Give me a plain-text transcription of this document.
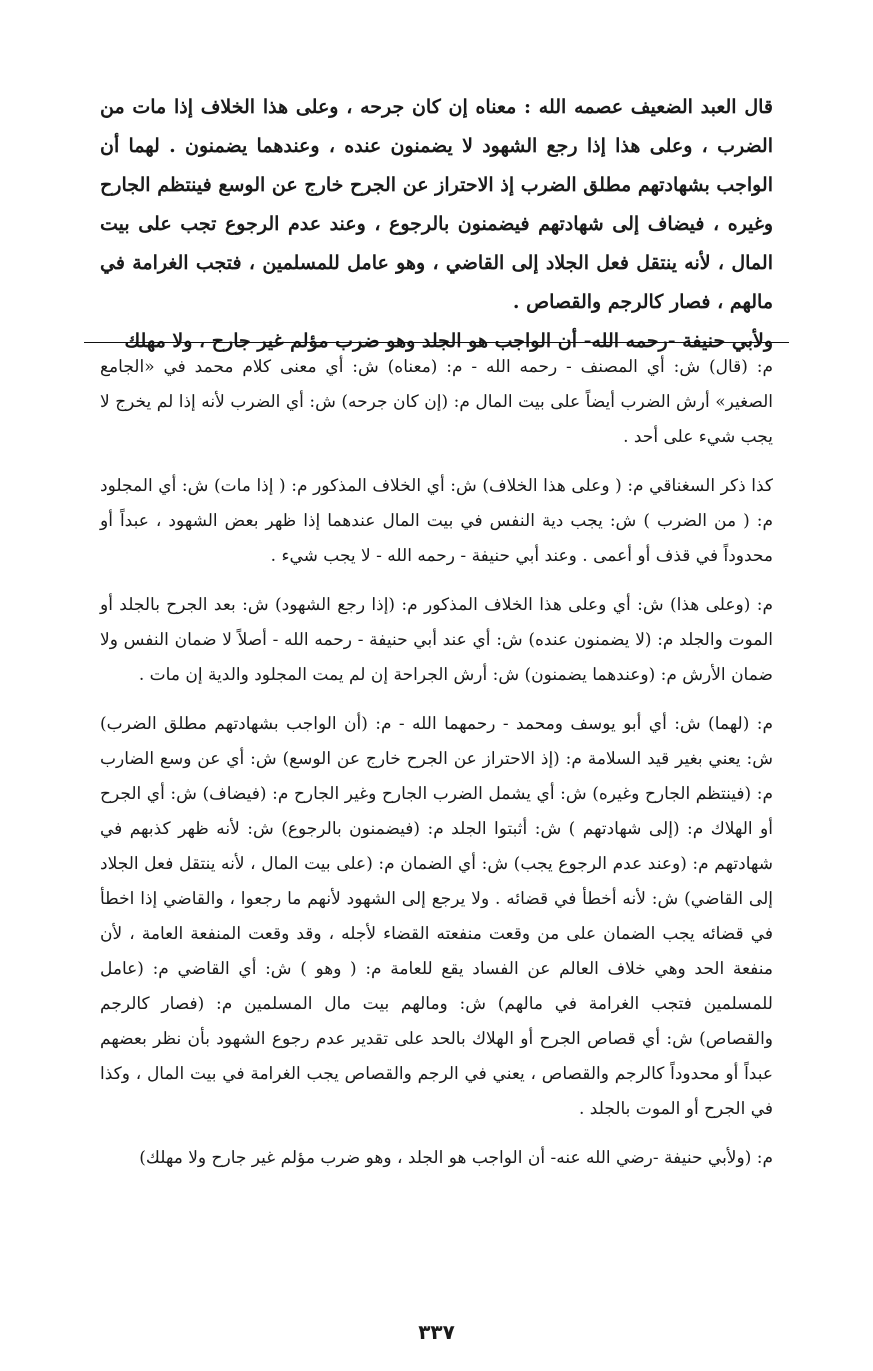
قال العبد الضعيف عصمه الله : معناه إن كان جرحه ، وعلى هذا الخلاف إذا مات من الضرب ، وعلى هذا إذا رجع الشهود لا يضمنون عنده ، وعندهما يضمنون . لهما أن الواجب بشهادتهم مطلق الضرب إذ الاحتراز عن الجرح خارج عن الوسع فينتظم الجارح وغيره ، فيضاف إلى شهادتهم فيضمنون بالرجوع ، وعند عدم الرجوع تجب على بيت المال ، لأنه ينتقل فعل الجلاد إلى القاضي ، وهو عامل للمسلمين ، فتجب الغرامة في مالهم ، فصار كالرجم والقصاص .

ولأبي حنيفة -رحمه الله- أن الواجب هو الجلد وهو ضرب مؤلم غير جارح ، ولا مهلك

م: (قال) ش: أي المصنف - رحمه الله - م: (معناه) ش: أي معنى كلام محمد في «الجامع الصغير» أرش الضرب أيضاً على بيت المال م: (إن كان جرحه) ش: أي الضرب لأنه إذا لم يخرج لا يجب شيء على أحد .

كذا ذكر السغناقي م: ( وعلى هذا الخلاف) ش: أي الخلاف المذكور م: ( إذا مات) ش: أي المجلود م: ( من الضرب ) ش: يجب دية النفس في بيت المال عندهما إذا ظهر بعض الشهود ، عبداً أو محدوداً في قذف أو أعمى . وعند أبي حنيفة - رحمه الله - لا يجب شيء .

م: (وعلى هذا) ش: أي وعلى هذا الخلاف المذكور م: (إذا رجع الشهود) ش: بعد الجرح بالجلد أو الموت والجلد م: (لا يضمنون عنده) ش: أي عند أبي حنيفة - رحمه الله - أصلاً لا ضمان النفس ولا ضمان الأرش م: (وعندهما يضمنون) ش: أرش الجراحة إن لم يمت المجلود والدية إن مات .

م: (لهما) ش: أي أبو يوسف ومحمد - رحمهما الله - م: (أن الواجب بشهادتهم مطلق الضرب) ش: يعني بغير قيد السلامة م: (إذ الاحتراز عن الجرح خارج عن الوسع) ش: أي عن وسع الضارب م: (فينتظم الجارح وغيره) ش: أي يشمل الضرب الجارح وغير الجارح م: (فيضاف) ش: أي الجرح أو الهلاك م: (إلى شهادتهم ) ش: أثبتوا الجلد م: (فيضمنون بالرجوع) ش: لأنه ظهر كذبهم في شهادتهم م: (وعند عدم الرجوع يجب) ش: أي الضمان م: (على بيت المال ، لأنه ينتقل فعل الجلاد إلى القاضي) ش: لأنه أخطأ في قضائه . ولا يرجع إلى الشهود لأنهم ما رجعوا ، والقاضي إذا اخطأ في قضائه يجب الضمان على من وقعت منفعته القضاء لأجله ، وقد وقعت المنفعة العامة ، لأن منفعة الحد وهي خلاف العالم عن الفساد يقع للعامة م: ( وهو ) ش: أي القاضي م: (عامل للمسلمين فتجب الغرامة في مالهم) ش: ومالهم بيت مال المسلمين م: (فصار كالرجم والقصاص) ش: أي قصاص الجرح أو الهلاك بالحد على تقدير عدم رجوع الشهود بأن نظر بعضهم عبداً أو محدوداً كالرجم والقصاص ، يعني في الرجم والقصاص يجب الغرامة في بيت المال ، وكذا في الجرح أو الموت بالجلد .

م: (ولأبي حنيفة -رضي الله عنه- أن الواجب هو الجلد ، وهو ضرب مؤلم غير جارح ولا مهلك)

٣٣٧
